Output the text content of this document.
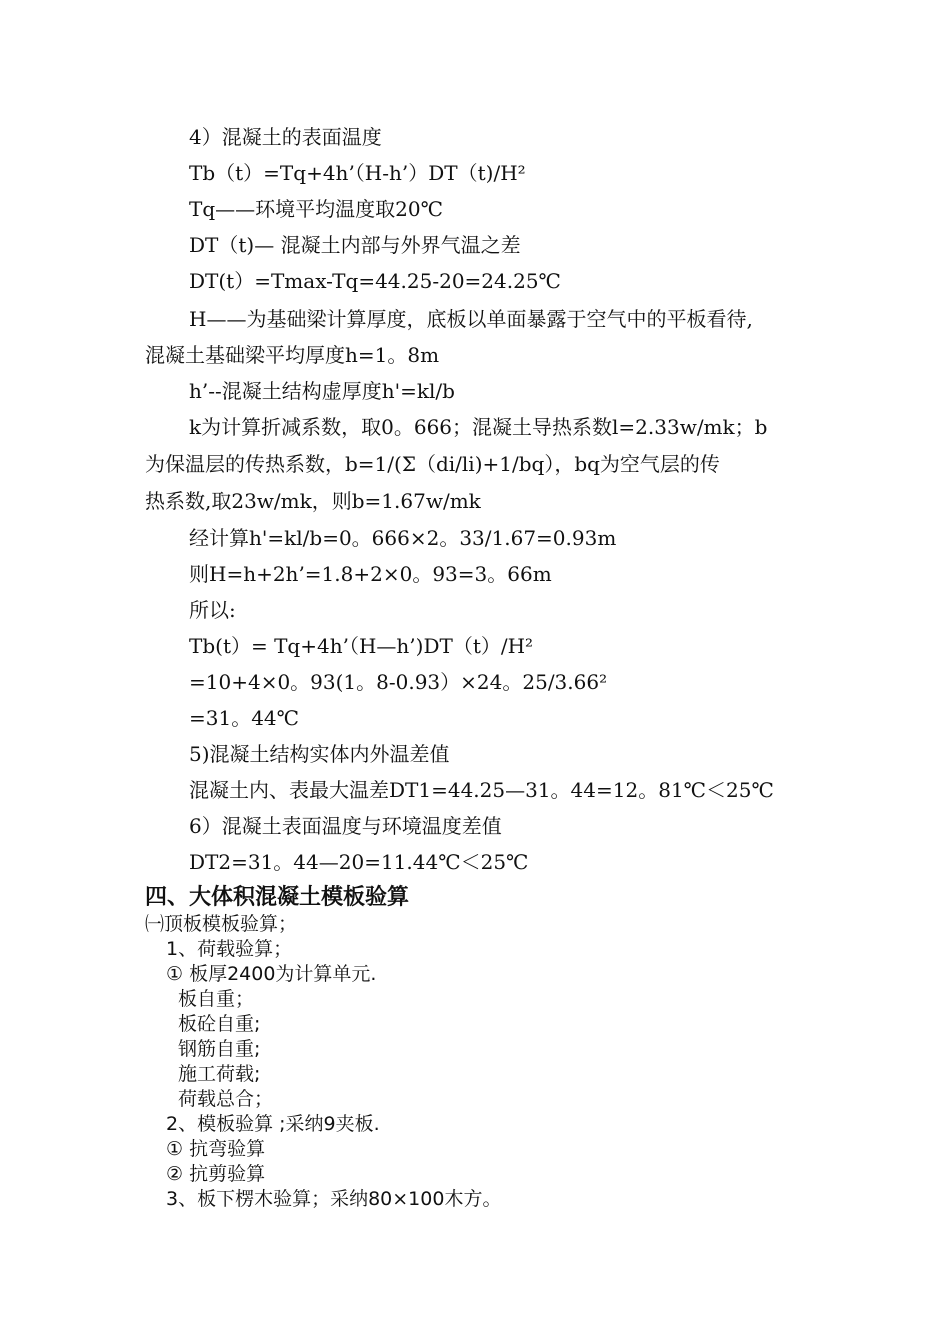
4）混凝土的表面温度
Tb（t）=Tq+4h’（H-h’）DT（t)/H²
Tq——环境平均温度取20℃
DT（t)— 混凝土内部与外界气温之差
DT(t）=Tmax-Tq=44.25-20=24.25℃
H——为基础梁计算厚度，底板以单面暴露于空气中的平板看待,
混凝土基础梁平均厚度h=1。8m
h’--混凝土结构虚厚度h'=kl/b
k为计算折减系数，取0。666；混凝土导热系数l=2.33w/mk；b
为保温层的传热系数，b=1/(Σ（di/li)+1/bq），bq为空气层的传
热系数,取23w/mk，则b=1.67w/mk
经计算h'=kl/b=0。666×2。33/1.67=0.93m
则H=h+2h’=1.8+2×0。93=3。66m
所以:
Tb(t）= Tq+4h’（H—h’)DT（t）/H²
=10+4×0。93(1。8-0.93）×24。25/3.66²
=31。44℃
5)混凝土结构实体内外温差值
混凝土内、表最大温差DT1=44.25—31。44=12。81℃＜25℃
6）混凝土表面温度与环境温度差值
DT2=31。44—20=11.44℃＜25℃
四、大体积混凝土模板验算
㈠顶板模板验算；
1、荷载验算；
① 板厚2400为计算单元.
板自重；
板砼自重;
钢筋自重;
施工荷载;
荷载总合；
2、模板验算 ;采纳9夹板.
① 抗弯验算
② 抗剪验算
3、板下楞木验算；采纳80×100木方。
